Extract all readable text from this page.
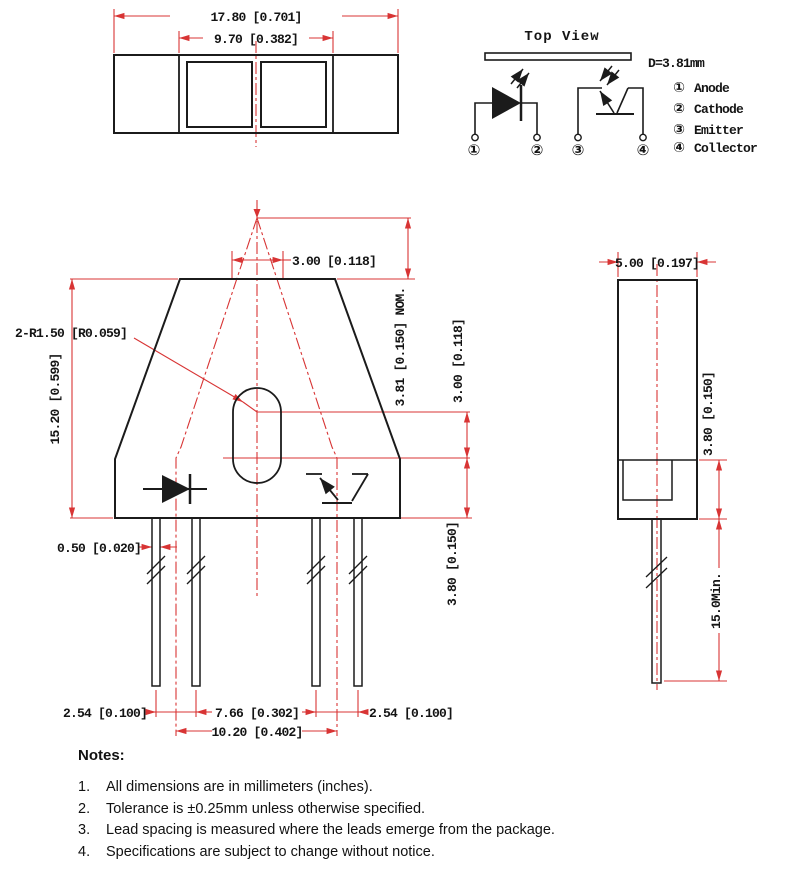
①	② ③	④
17.80 [0.701]
9.70 [0.382]	Top View
D=3.81mm
① Anode
② Cathode
③ Emitter
④ Collector
3.00 [0.118]
2-R1.50 [R0.059]
15.20 [0.599]	3.81 [0.150] NOM.	3.00 [0.118]
3.80 [0.150]
0.50 [0.020]
2.54 [0.100]	7.66 [0.302]	2.54 [0.100]
10.20 [0.402]
5.00 [0.197]
3.80 [0.150]
15.0Min.
Notes:
1.	All dimensions are in millimeters (inches).
2.	Tolerance is ±0.25mm unless otherwise specified.
3.	Lead spacing is measured where the leads emerge from the package.
4.	Specifications are subject to change without notice.
